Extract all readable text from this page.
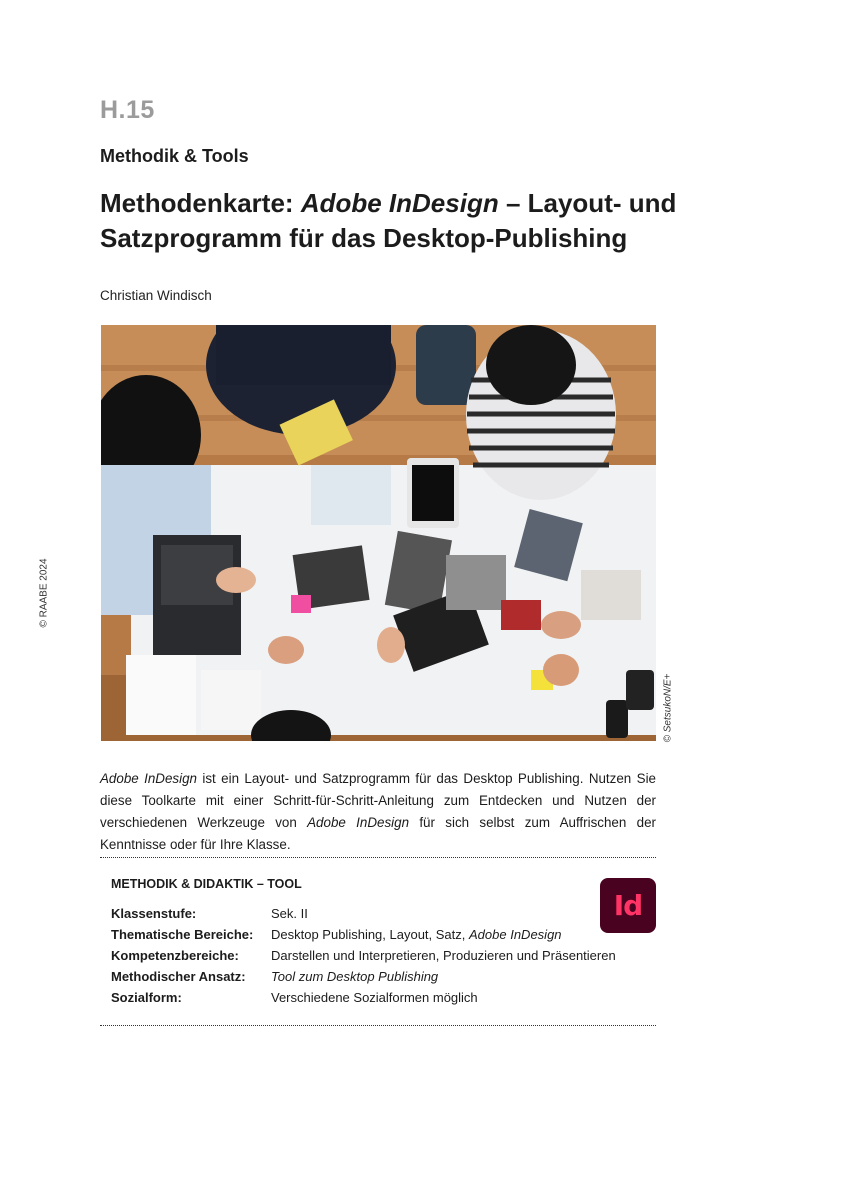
H.15
Methodik & Tools
Methodenkarte: Adobe InDesign – Layout- und Satzprogramm für das Desktop-Publishing
Christian Windisch
© RAABE 2024
© SetsukoN/E+

Adobe InDesign ist ein Layout- und Satzprogramm für das Desktop Publishing. Nutzen Sie diese Toolkarte mit einer Schritt-für-Schritt-Anleitung zum Entdecken und Nutzen der verschiedenen Werkzeuge von Adobe InDesign für sich selbst zum Auffrischen der Kenntnisse oder für Ihre Klasse.

METHODIK & DIDAKTIK – TOOL
Id
Klassenstufe:	Sek. II
Thematische Bereiche:	Desktop Publishing, Layout, Satz, Adobe InDesign
Kompetenzbereiche:	Darstellen und Interpretieren, Produzieren und Präsentieren
Methodischer Ansatz:	Tool zum Desktop Publishing
Sozialform:	Verschiedene Sozialformen möglich
